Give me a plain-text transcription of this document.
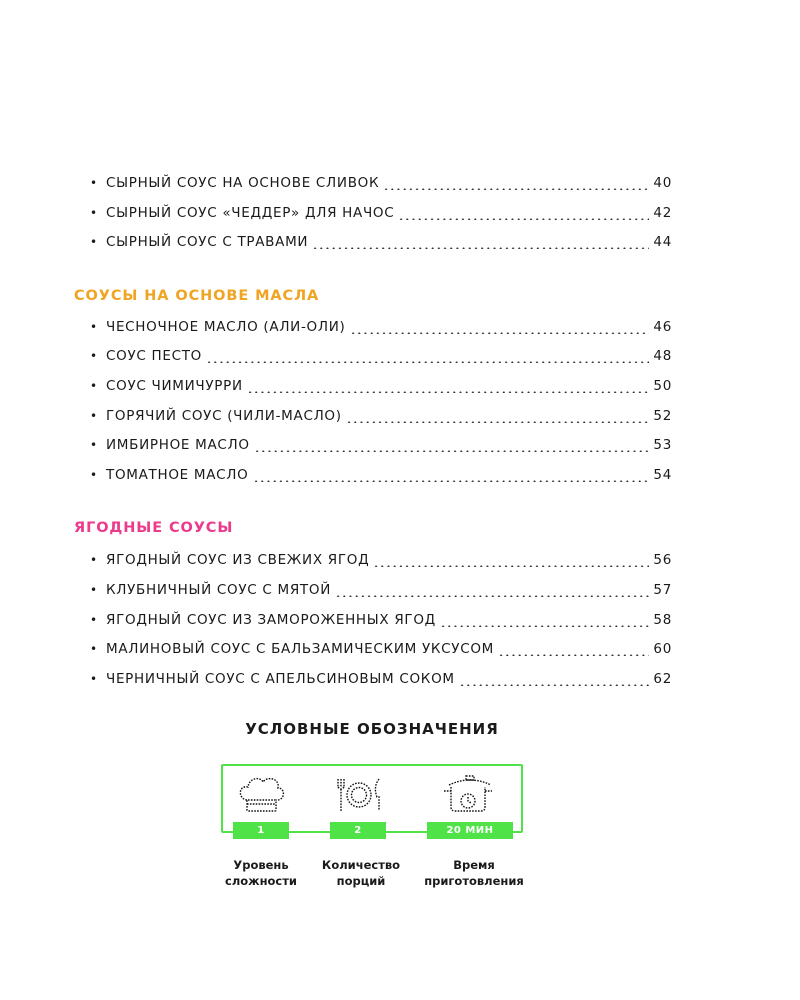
• СЫРНЫЙ СОУС НА ОСНОВЕ СЛИВОК	40
• СЫРНЫЙ СОУС «ЧЕДДЕР» ДЛЯ НАЧОС	42
• СЫРНЫЙ СОУС С ТРАВАМИ	44
СОУСЫ НА ОСНОВЕ МАСЛА
• ЧЕСНОЧНОЕ МАСЛО (АЛИ-ОЛИ)	46
• СОУС ПЕСТО	48
• СОУС ЧИМИЧУРРИ	50
• ГОРЯЧИЙ СОУС (ЧИЛИ-МАСЛО)	52
• ИМБИРНОЕ МАСЛО	53
• ТОМАТНОЕ МАСЛО	54
ЯГОДНЫЕ СОУСЫ
• ЯГОДНЫЙ СОУС ИЗ СВЕЖИХ ЯГОД	56
• КЛУБНИЧНЫЙ СОУС С МЯТОЙ	57
• ЯГОДНЫЙ СОУС ИЗ ЗАМОРОЖЕННЫХ ЯГОД	58
• МАЛИНОВЫЙ СОУС С БАЛЬЗАМИЧЕСКИМ УКСУСОМ	60
• ЧЕРНИЧНЫЙ СОУС С АПЕЛЬСИНОВЫМ СОКОМ	62
УСЛОВНЫЕ ОБОЗНАЧЕНИЯ
1	2	20 МИН
Уровень
сложности
Количество
порций
Время
приготовления
